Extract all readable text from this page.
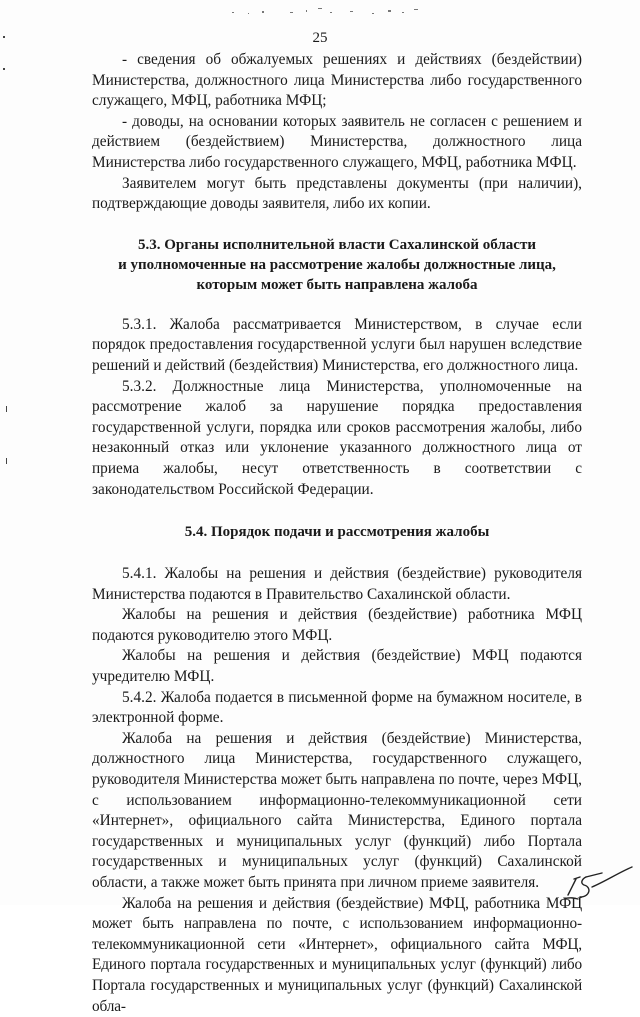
25

- сведения об обжалуемых решениях и действиях (бездействии) Министерства, должностного лица Министерства либо государственного служащего, МФЦ, работника МФЦ;

- доводы, на основании которых заявитель не согласен с решением и действием (бездействием) Министерства, должностного лица Министерства либо государственного служащего, МФЦ, работника МФЦ.

Заявителем могут быть представлены документы (при наличии), подтверждающие доводы заявителя, либо их копии.

5.3. Органы исполнительной власти Сахалинской области
и уполномоченные на рассмотрение жалобы должностные лица,
которым может быть направлена жалоба

5.3.1. Жалоба рассматривается Министерством, в случае если порядок предоставления государственной услуги был нарушен вследствие решений и действий (бездействия) Министерства, его должностного лица.

5.3.2. Должностные лица Министерства, уполномоченные на рассмотрение жалоб за нарушение порядка предоставления государственной услуги, порядка или сроков рассмотрения жалобы, либо незаконный отказ или уклонение указанного должностного лица от приема жалобы, несут ответственность в соответствии с законодательством Российской Федерации.

5.4. Порядок подачи и рассмотрения жалобы

5.4.1. Жалобы на решения и действия (бездействие) руководителя Министерства подаются в Правительство Сахалинской области.

Жалобы на решения и действия (бездействие) работника МФЦ подаются руководителю этого МФЦ.

Жалобы на решения и действия (бездействие) МФЦ подаются учредителю МФЦ.

5.4.2. Жалоба подается в письменной форме на бумажном носителе, в электронной форме.

Жалоба на решения и действия (бездействие) Министерства, должностного лица Министерства, государственного служащего, руководителя Министерства может быть направлена по почте, через МФЦ, с использованием информационно-телекоммуникационной сети «Интернет», официального сайта Министерства, Единого портала государственных и муниципальных услуг (функций) либо Портала государственных и муниципальных услуг (функций) Сахалинской области, а также может быть принята при личном приеме заявителя.

Жалоба на решения и действия (бездействие) МФЦ, работника МФЦ может быть направлена по почте, с использованием информационно-телекоммуникационной сети «Интернет», официального сайта МФЦ, Единого портала государственных и муниципальных услуг (функций) либо Портала государственных и муниципальных услуг (функций) Сахалинской обла-
